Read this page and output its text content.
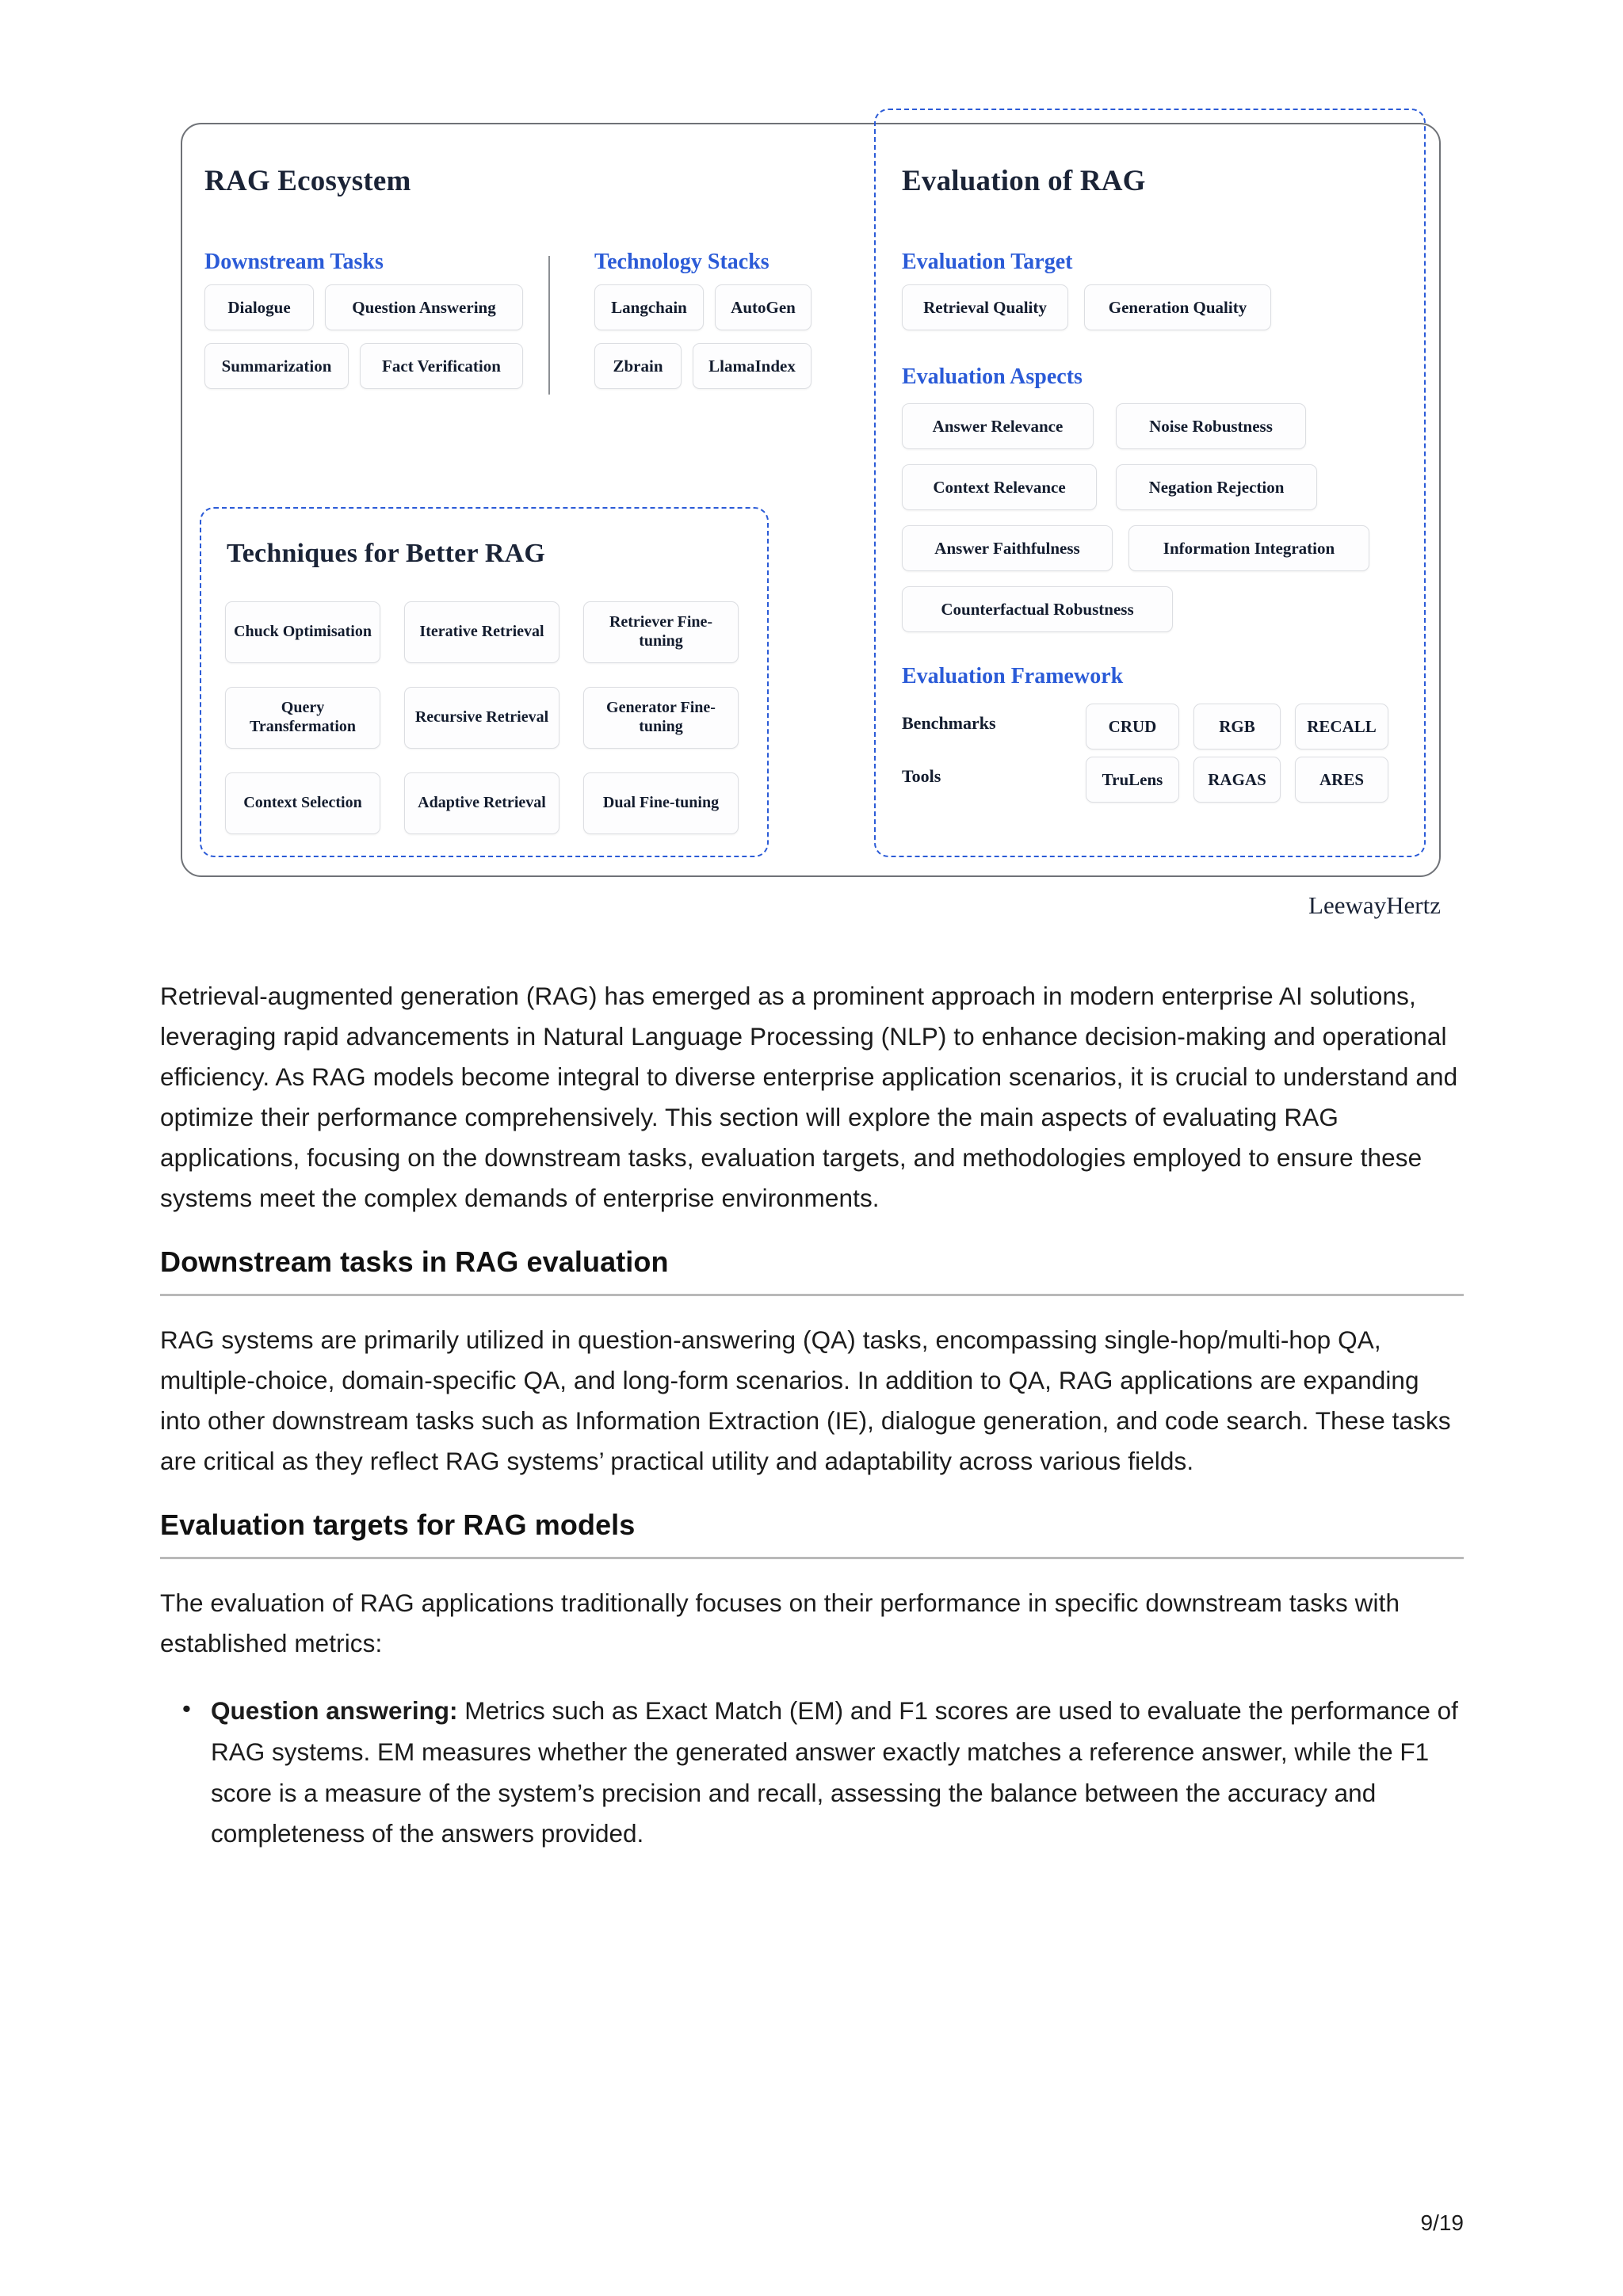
RAG Ecosystem
Downstream Tasks
Dialogue	Question Answering
Summarization	Fact Verification
Technology Stacks
Langchain	AutoGen
Zbrain	LlamaIndex
Techniques for Better RAG
Chuck Optimisation	Iterative Retrieval
Retriever Fine-tuning
Query Transfermation
Recursive Retrieval
Generator Fine-tuning
Context Selection	Adaptive Retrieval	Dual Fine-tuning
Evaluation of RAG
Evaluation Target
Retrieval Quality	Generation Quality
Evaluation Aspects
Answer Relevance	Noise Robustness
Context Relevance	Negation Rejection
Answer Faithfulness	Information Integration
Counterfactual Robustness
Evaluation Framework
Benchmarks	CRUD	RGB	RECALL
Tools	TruLens	RAGAS	ARES
LeewayHertz

Retrieval-augmented generation (RAG) has emerged as a prominent approach in modern enterprise AI solutions, leveraging rapid advancements in Natural Language Processing (NLP) to enhance decision-making and operational efficiency. As RAG models become integral to diverse enterprise application scenarios, it is crucial to understand and optimize their performance comprehensively. This section will explore the main aspects of evaluating RAG applications, focusing on the downstream tasks, evaluation targets, and methodologies employed to ensure these systems meet the complex demands of enterprise environments.

Downstream tasks in RAG evaluation

RAG systems are primarily utilized in question-answering (QA) tasks, encompassing single-hop/multi-hop QA, multiple-choice, domain-specific QA, and long-form scenarios. In addition to QA, RAG applications are expanding into other downstream tasks such as Information Extraction (IE), dialogue generation, and code search. These tasks are critical as they reflect RAG systems’ practical utility and adaptability across various fields.

Evaluation targets for RAG models

The evaluation of RAG applications traditionally focuses on their performance in specific downstream tasks with established metrics:

• Question answering: Metrics such as Exact Match (EM) and F1 scores are used to evaluate the performance of RAG systems. EM measures whether the generated answer exactly matches a reference answer, while the F1 score is a measure of the system’s precision and recall, assessing the balance between the accuracy and completeness of the answers provided.
9/19
